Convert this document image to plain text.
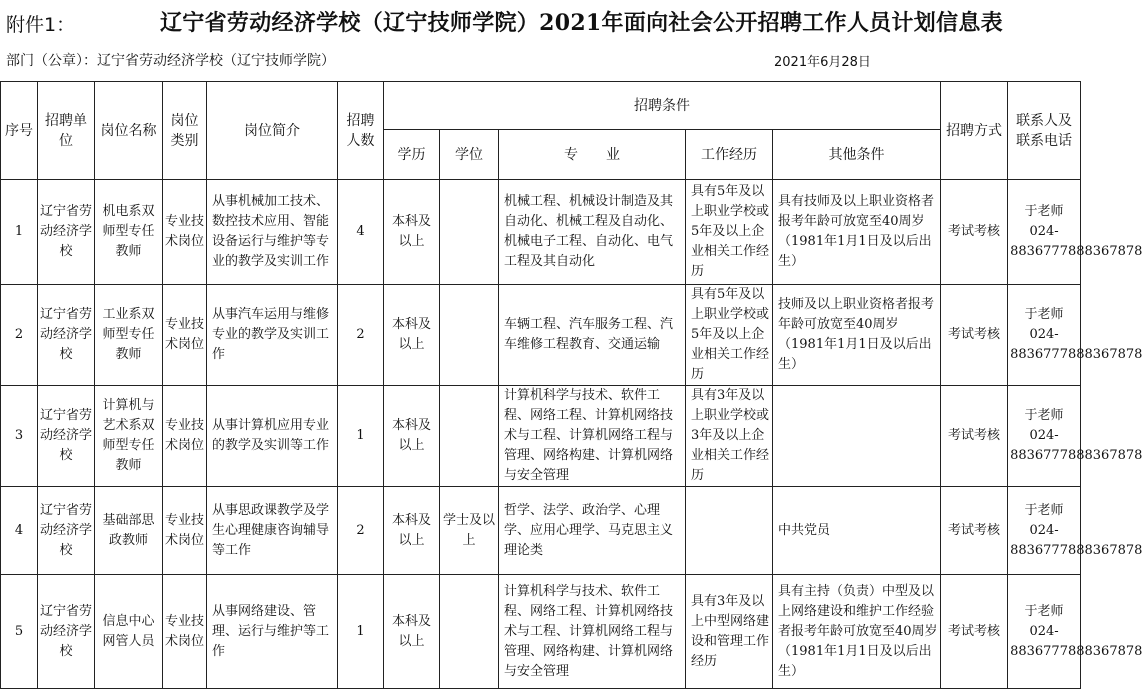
附件1：	辽宁省劳动经济学校（辽宁技师学院）2021年面向社会公开招聘工作人员计划信息表
部门（公章）：辽宁省劳动经济学校（辽宁技师学院）	2021年6月28日
序号	招聘单位	岗位名称	岗位类别	岗位简介	招聘人数	招聘条件					招聘方式	联系人及联系电话
						学历	学位	专　　业	工作经历	其他条件		
1	辽宁省劳动经济学校	机电系双师型专任教师	专业技术岗位	从事机械加工技术、数控技术应用、智能设备运行与维护等专业的教学及实训工作	4	本科及以上		机械工程、机械设计制造及其自动化、机械工程及自动化、机械电子工程、自动化、电气工程及其自动化	具有5年及以上职业学校或5年及以上企业相关工作经历	具有技师及以上职业资格者报考年龄可放宽至40周岁（1981年1月1日及以后出生）	考试考核	于老师024-8836777888367878
2	辽宁省劳动经济学校	工业系双师型专任教师	专业技术岗位	从事汽车运用与维修专业的教学及实训工作	2	本科及以上		车辆工程、汽车服务工程、汽车维修工程教育、交通运输	具有5年及以上职业学校或5年及以上企业相关工作经历	技师及以上职业资格者报考年龄可放宽至40周岁（1981年1月1日及以后出生）	考试考核	于老师024-8836777888367878
3	辽宁省劳动经济学校	计算机与艺术系双师型专任教师	专业技术岗位	从事计算机应用专业的教学及实训等工作	1	本科及以上		计算机科学与技术、软件工程、网络工程、计算机网络技术与工程、计算机网络工程与管理、网络构建、计算机网络与安全管理	具有3年及以上职业学校或3年及以上企业相关工作经历		考试考核	于老师024-8836777888367878
4	辽宁省劳动经济学校	基础部思政教师	专业技术岗位	从事思政课教学及学生心理健康咨询辅导等工作	2	本科及以上	学士及以上	哲学、法学、政治学、心理学、应用心理学、马克思主义理论类		中共党员	考试考核	于老师024-8836777888367878
5	辽宁省劳动经济学校	信息中心网管人员	专业技术岗位	从事网络建设、管理、运行与维护等工作	1	本科及以上		计算机科学与技术、软件工程、网络工程、计算机网络技术与工程、计算机网络工程与管理、网络构建、计算机网络与安全管理	具有3年及以上中型网络建设和管理工作经历	具有主持（负责）中型及以上网络建设和维护工作经验者报考年龄可放宽至40周岁（1981年1月1日及以后出生）	考试考核	于老师024-8836777888367878
